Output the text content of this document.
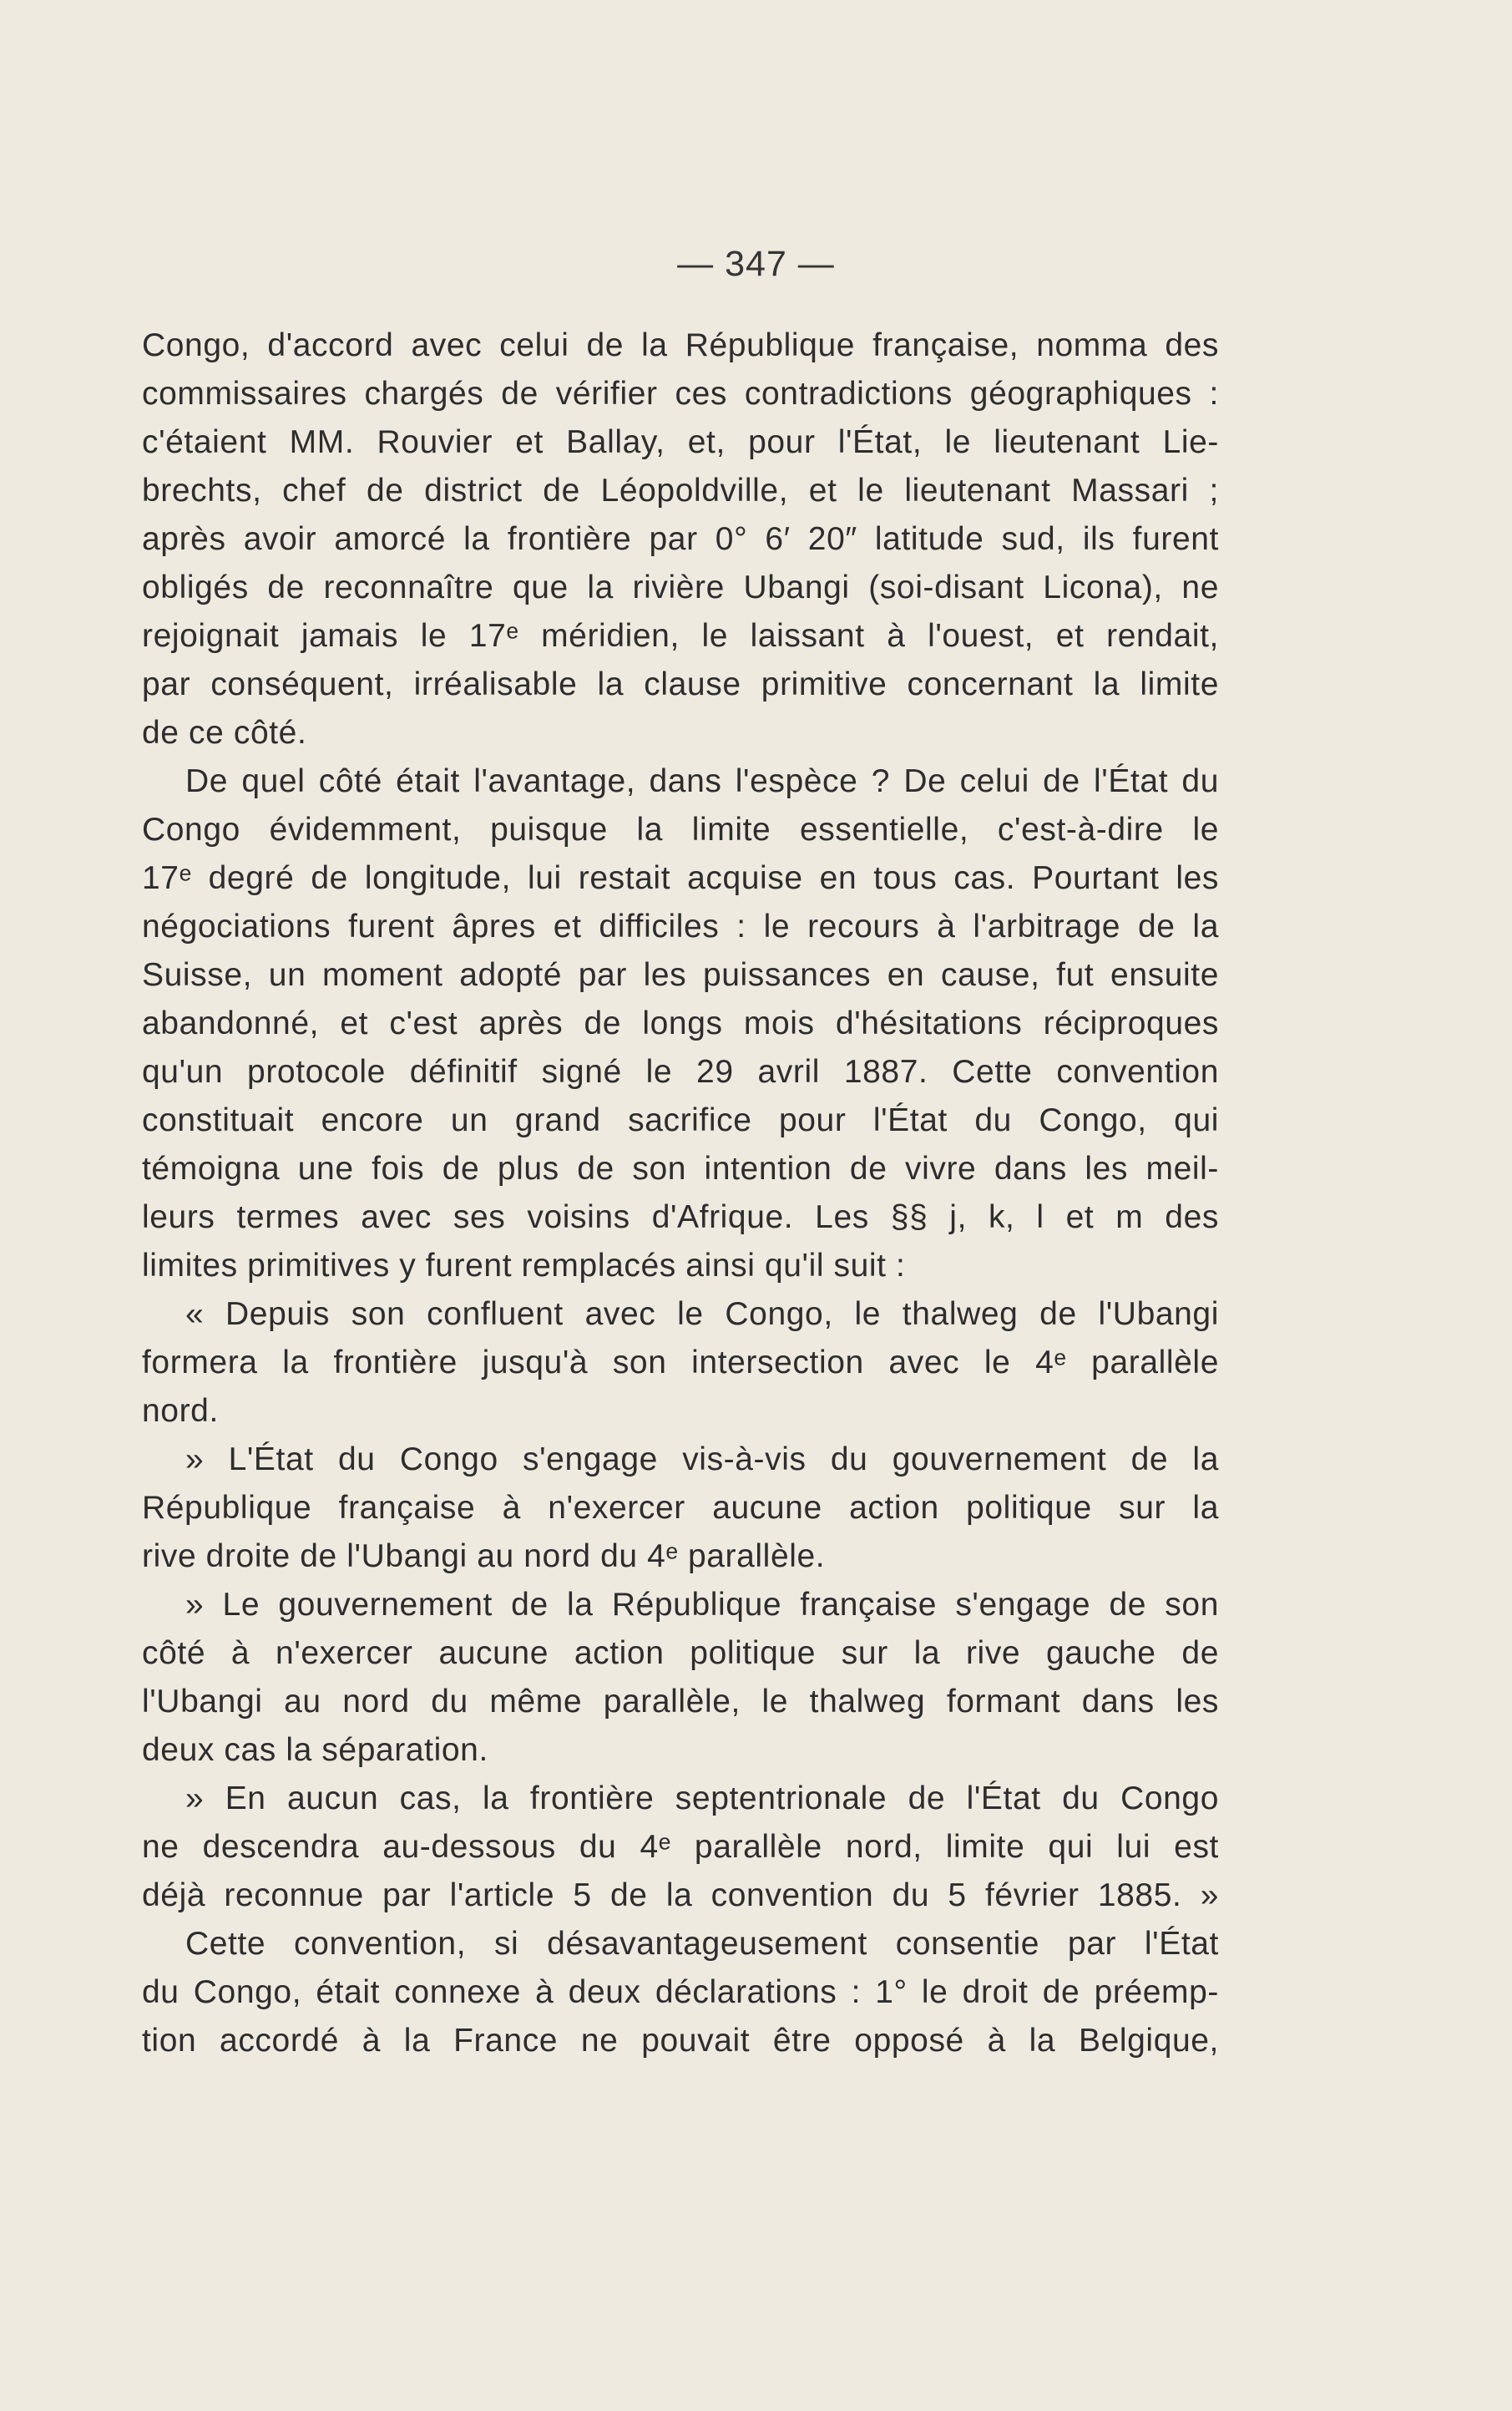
— 347 —
Congo, d'accord avec celui de la République française, nomma des
commissaires chargés de vérifier ces contradictions géographiques :
c'étaient MM. Rouvier et Ballay, et, pour l'État, le lieutenant Lie-
brechts, chef de district de Léopoldville, et le lieutenant Massari ;
après avoir amorcé la frontière par 0° 6′ 20″ latitude sud, ils furent
obligés de reconnaître que la rivière Ubangi (soi-disant Licona), ne
rejoignait jamais le 17ᵉ méridien, le laissant à l'ouest, et rendait,
par conséquent, irréalisable la clause primitive concernant la limite
de ce côté.
De quel côté était l'avantage, dans l'espèce ? De celui de l'État du
Congo évidemment, puisque la limite essentielle, c'est-à-dire le
17ᵉ degré de longitude, lui restait acquise en tous cas. Pourtant les
négociations furent âpres et difficiles : le recours à l'arbitrage de la
Suisse, un moment adopté par les puissances en cause, fut ensuite
abandonné, et c'est après de longs mois d'hésitations réciproques
qu'un protocole définitif signé le 29 avril 1887. Cette convention
constituait encore un grand sacrifice pour l'État du Congo, qui
témoigna une fois de plus de son intention de vivre dans les meil-
leurs termes avec ses voisins d'Afrique. Les §§ j, k, l et m des
limites primitives y furent remplacés ainsi qu'il suit :
« Depuis son confluent avec le Congo, le thalweg de l'Ubangi
formera la frontière jusqu'à son intersection avec le 4ᵉ parallèle
nord.
» L'État du Congo s'engage vis-à-vis du gouvernement de la
République française à n'exercer aucune action politique sur la
rive droite de l'Ubangi au nord du 4ᵉ parallèle.
» Le gouvernement de la République française s'engage de son
côté à n'exercer aucune action politique sur la rive gauche de
l'Ubangi au nord du même parallèle, le thalweg formant dans les
deux cas la séparation.
» En aucun cas, la frontière septentrionale de l'État du Congo
ne descendra au-dessous du 4ᵉ parallèle nord, limite qui lui est
déjà reconnue par l'article 5 de la convention du 5 février 1885. »
Cette convention, si désavantageusement consentie par l'État
du Congo, était connexe à deux déclarations : 1° le droit de préemp-
tion accordé à la France ne pouvait être opposé à la Belgique,
